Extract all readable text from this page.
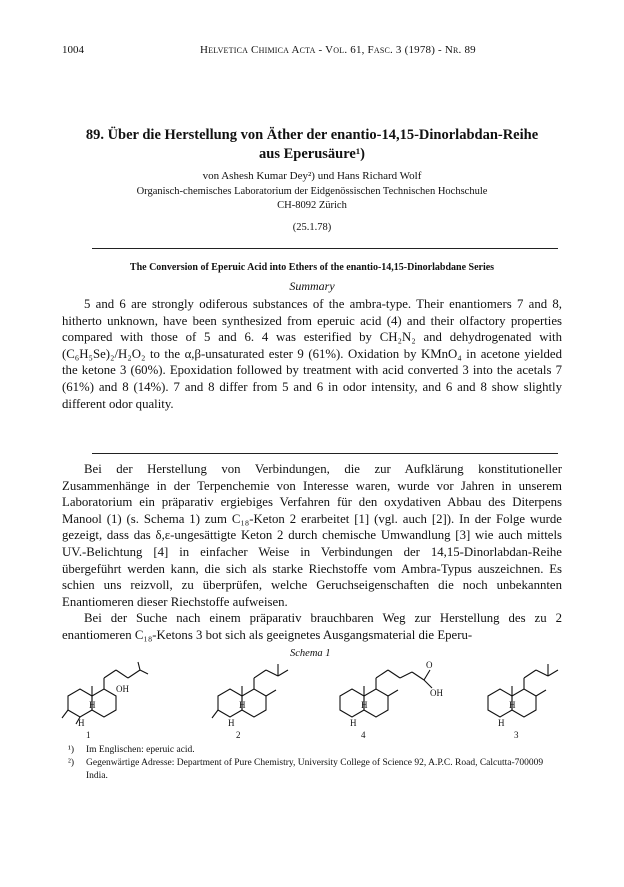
1004	Helvetica Chimica Acta - Vol. 61, Fasc. 3 (1978) - Nr. 89
89. Über die Herstellung von Äther der enantio-14,15-Dinorlabdan-Reihe
aus Eperusäure¹)
von Ashesh Kumar Dey²) und Hans Richard Wolf
Organisch-chemisches Laboratorium der Eidgenössischen Technischen Hochschule
CH-8092 Zürich
(25.1.78)
The Conversion of Eperuic Acid into Ethers of the enantio-14,15-Dinorlabdane Series
Summary

5 and 6 are strongly odiferous substances of the ambra-type. Their enantiomers 7 and 8, hitherto unknown, have been synthesized from eperuic acid (4) and their olfactory properties compared with those of 5 and 6. 4 was esterified by CH₂N₂ and dehydrogenated with (C₆H₅Se)₂/H₂O₂ to the α,β-unsaturated ester 9 (61%). Oxidation by KMnO₄ in acetone yielded the ketone 3 (60%). Epoxidation followed by treatment with acid converted 3 into the acetals 7 (61%) and 8 (14%). 7 and 8 differ from 5 and 6 in odor intensity, and 6 and 8 show slightly different odor quality.

Bei der Herstellung von Verbindungen, die zur Aufklärung konstitutioneller Zusammenhänge in der Terpenchemie von Interesse waren, wurde vor Jahren in unserem Laboratorium ein präparativ ergiebiges Verfahren für den oxydativen Abbau des Diterpens Manool (1) (s. Schema 1) zum C₁₈-Keton 2 erarbeitet [1] (vgl. auch [2]). In der Folge wurde gezeigt, dass das δ,ε-ungesättigte Keton 2 durch chemische Umwandlung [3] wie auch mittels UV.-Belichtung [4] in einfacher Weise in Verbindungen der 14,15-Dinorlabdan-Reihe übergeführt werden kann, die sich als starke Riechstoffe vom Ambra-Typus auszeichnen. Es schien uns reizvoll, zu überprüfen, welche Geruchseigenschaften die noch unbekannten Enantiomeren dieser Riechstoffe aufweisen.

Bei der Suche nach einem präparativ brauchbaren Weg zur Herstellung des zu 2 enantiomeren C₁₈-Ketons 3 bot sich als geeignetes Ausgangsmaterial die Eperu-

Schema 1
OH
H
H
H
H
O
OH
H
H
H
H
1	2	4	3
¹) Im Englischen: eperuic acid.
²) Gegenwärtige Adresse: Department of Pure Chemistry, University College of Science 92, A.P.C. Road, Calcutta-700009 India.
